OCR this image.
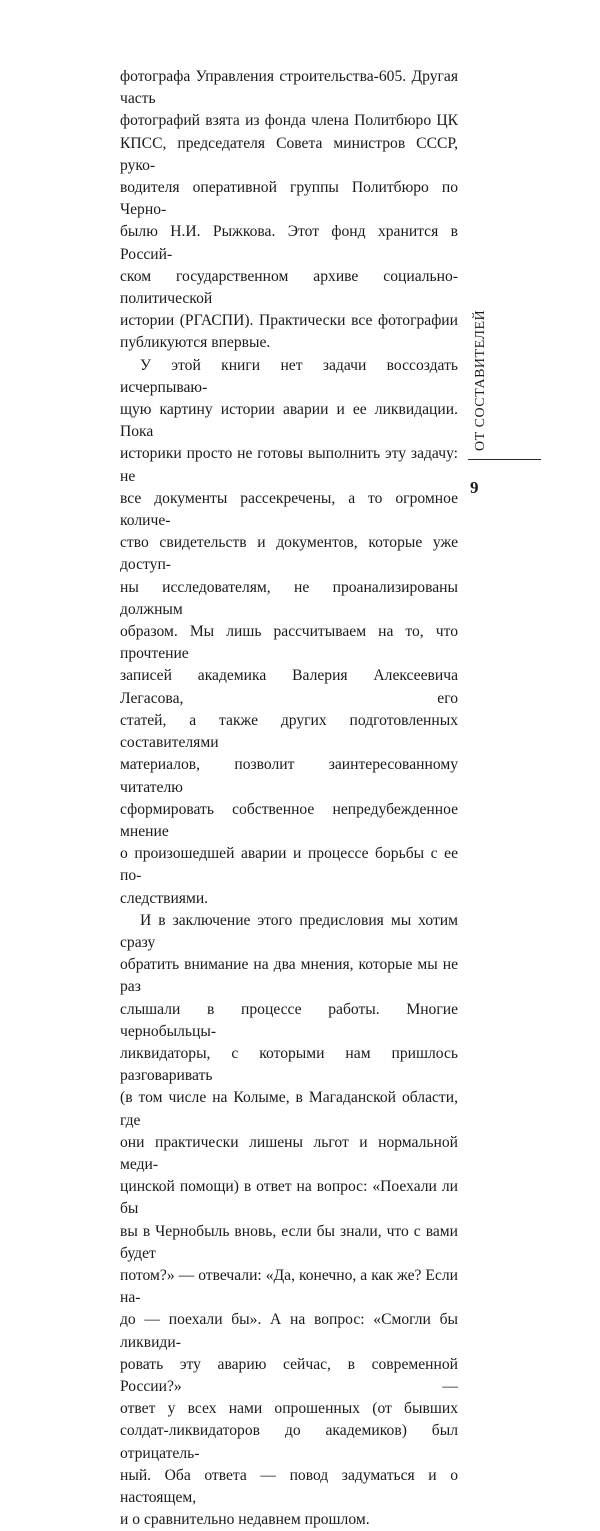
фотографа Управления строительства-605. Другая часть
фотографий взята из фонда члена Политбюро ЦК
КПСС, председателя Совета министров СССР, руко-
водителя оперативной группы Политбюро по Черно-
былю Н.И. Рыжкова. Этот фонд хранится в Россий-
ском государственном архиве социально-политической
истории (РГАСПИ). Практически все фотографии
публикуются впервые.
У этой книги нет задачи воссоздать исчерпываю-
щую картину истории аварии и ее ликвидации. Пока
историки просто не готовы выполнить эту задачу: не
все документы рассекречены, а то огромное количе-
ство свидетельств и документов, которые уже доступ-
ны исследователям, не проанализированы должным
образом. Мы лишь рассчитываем на то, что прочтение
записей академика Валерия Алексеевича Легасова, его
статей, а также других подготовленных составителями
материалов, позволит заинтересованному читателю
сформировать собственное непредубежденное мнение
о произошедшей аварии и процессе борьбы с ее по-
следствиями.
И в заключение этого предисловия мы хотим сразу
обратить внимание на два мнения, которые мы не раз
слышали в процессе работы. Многие чернобыльцы-
ликвидаторы, с которыми нам пришлось разговаривать
(в том числе на Колыме, в Магаданской области, где
они практически лишены льгот и нормальной меди-
цинской помощи) в ответ на вопрос: «Поехали ли бы
вы в Чернобыль вновь, если бы знали, что с вами будет
потом?» — отвечали: «Да, конечно, а как же? Если на-
до — поехали бы». А на вопрос: «Смогли бы ликвиди-
ровать эту аварию сейчас, в современной России?» —
ответ у всех нами опрошенных (от бывших
солдат-ликвидаторов до академиков) был отрицатель-
ный. Оба ответа — повод задуматься и о настоящем,
и о сравнительно недавнем прошлом.
ОТ СОСТАВИТЕЛЕЙ
9
